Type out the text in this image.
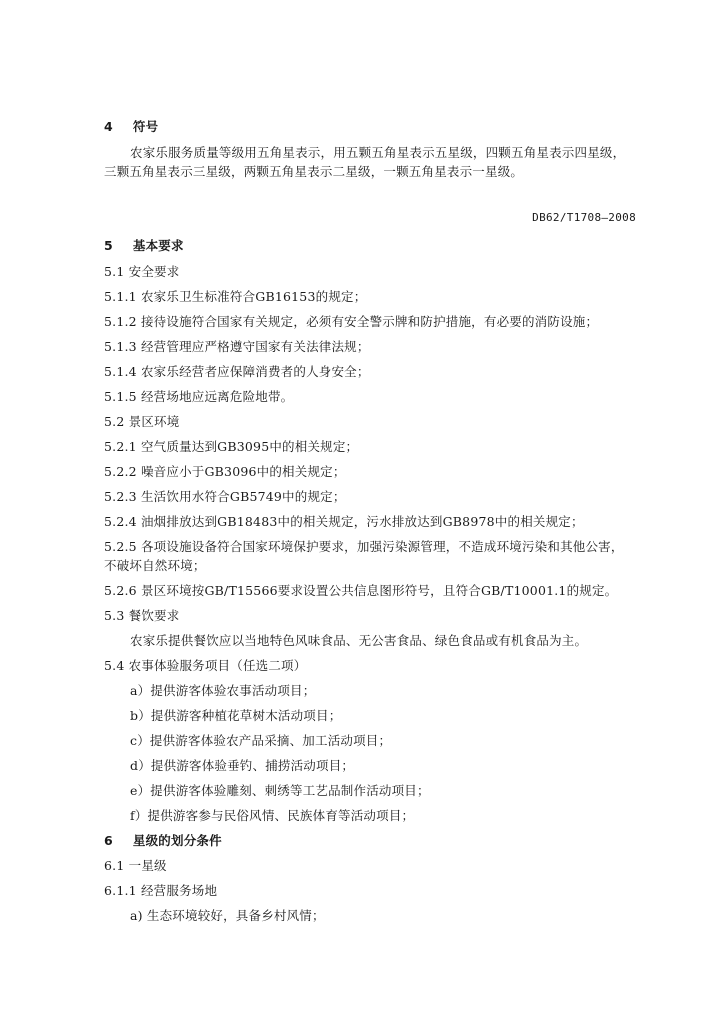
4 符号
农家乐服务质量等级用五角星表示，用五颗五角星表示五星级，四颗五角星表示四星级，
三颗五角星表示三星级，两颗五角星表示二星级，一颗五角星表示一星级。
DB62/T1708—2008
5 基本要求
5.1 安全要求
5.1.1 农家乐卫生标准符合GB16153的规定；
5.1.2 接待设施符合国家有关规定，必须有安全警示牌和防护措施，有必要的消防设施；
5.1.3 经营管理应严格遵守国家有关法律法规；
5.1.4 农家乐经营者应保障消费者的人身安全；
5.1.5 经营场地应远离危险地带。
5.2 景区环境
5.2.1 空气质量达到GB3095中的相关规定；
5.2.2 噪音应小于GB3096中的相关规定；
5.2.3 生活饮用水符合GB5749中的规定；
5.2.4 油烟排放达到GB18483中的相关规定，污水排放达到GB8978中的相关规定；
5.2.5 各项设施设备符合国家环境保护要求，加强污染源管理，不造成环境污染和其他公害，
不破坏自然环境；
5.2.6 景区环境按GB/T15566要求设置公共信息图形符号，且符合GB/T10001.1的规定。
5.3 餐饮要求
农家乐提供餐饮应以当地特色风味食品、无公害食品、绿色食品或有机食品为主。
5.4 农事体验服务项目（任选二项）
a）提供游客体验农事活动项目；
b）提供游客种植花草树木活动项目；
c）提供游客体验农产品采摘、加工活动项目；
d）提供游客体验垂钓、捕捞活动项目；
e）提供游客体验雕刻、刺绣等工艺品制作活动项目；
f）提供游客参与民俗风情、民族体育等活动项目；
6 星级的划分条件
6.1 一星级
6.1.1 经营服务场地
a) 生态环境较好，具备乡村风情；
